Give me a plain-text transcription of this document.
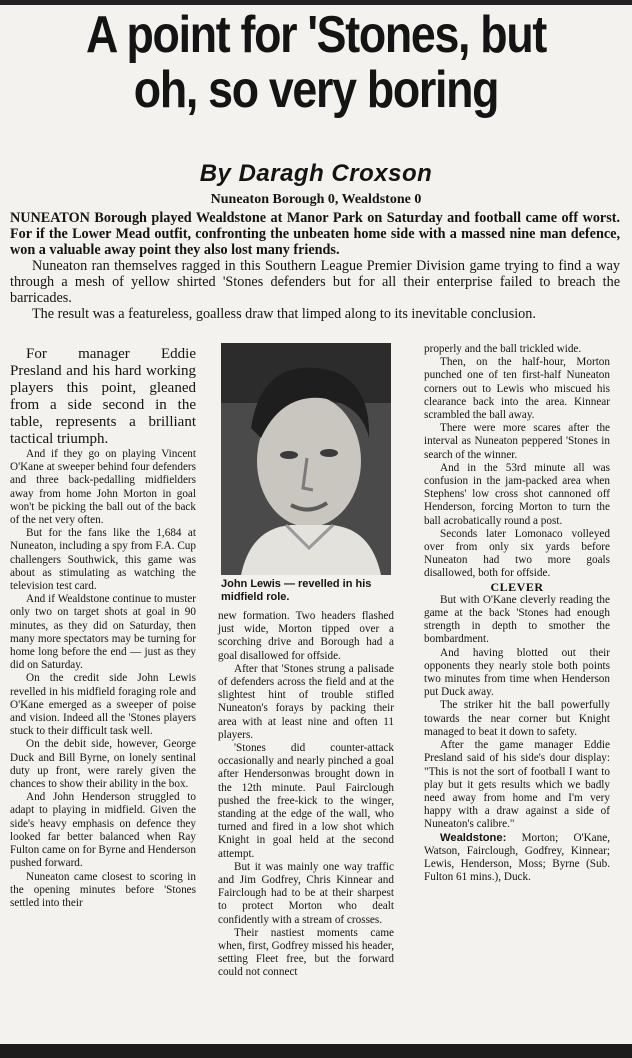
A point for 'Stones, but
oh, so very boring
By Daragh Croxson
Nuneaton Borough 0, Wealdstone 0

NUNEATON Borough played Wealdstone at Manor Park on Saturday and football came off worst. For if the Lower Mead outfit, confronting the unbeaten home side with a massed nine man defence, won a valuable away point they also lost many friends.

Nuneaton ran themselves ragged in this Southern League Premier Division game trying to find a way through a mesh of yellow shirted 'Stones defenders but for all their enterprise failed to breach the barricades.

The result was a featureless, goalless draw that limped along to its inevitable conclusion.

For manager Eddie Presland and his hard working players this point, gleaned from a side second in the table, represents a brilliant tactical triumph.

And if they go on playing Vincent O'Kane at sweeper behind four defenders and three back-pedalling midfielders away from home John Morton in goal won't be picking the ball out of the back of the net very often.

But for the fans like the 1,684 at Nuneaton, including a spy from F.A. Cup challengers Southwick, this game was about as stimulating as watching the television test card.

And if Wealdstone continue to muster only two on target shots at goal in 90 minutes, as they did on Saturday, then many more spectators may be turning for home long before the end — just as they did on Saturday.

On the credit side John Lewis revelled in his midfield foraging role and O'Kane emerged as a sweeper of poise and vision. Indeed all the 'Stones players stuck to their difficult task well.

On the debit side, however, George Duck and Bill Byrne, on lonely sentinal duty up front, were rarely given the chances to show their ability in the box.

And John Henderson struggled to adapt to playing in midfield. Given the side's heavy emphasis on defence they looked far better balanced when Ray Fulton came on for Byrne and Henderson pushed forward.

Nuneaton came closest to scoring in the opening minutes before 'Stones settled into their

John Lewis — revelled in his midfield role.

new formation. Two headers flashed just wide, Morton tipped over a scorching drive and Borough had a goal disallowed for offside.

After that 'Stones strung a palisade of defenders across the field and at the slightest hint of trouble stifled Nuneaton's forays by packing their area with at least nine and often 11 players.

'Stones did counter-attack occasionally and nearly pinched a goal after Hendersonwas brought down in the 12th minute. Paul Fairclough pushed the free-kick to the winger, standing at the edge of the wall, who turned and fired in a low shot which Knight in goal held at the second attempt.

But it was mainly one way traffic and Jim Godfrey, Chris Kinnear and Fairclough had to be at their sharpest to protect Morton who dealt confidently with a stream of crosses.

Their nastiest moments came when, first, Godfrey missed his header, setting Fleet free, but the forward could not connect

properly and the ball trickled wide.

Then, on the half-hour, Morton punched one of ten first-half Nuneaton corners out to Lewis who miscued his clearance back into the area. Kinnear scrambled the ball away.

There were more scares after the interval as Nuneaton peppered 'Stones in search of the winner.

And in the 53rd minute all was confusion in the jam-packed area when Stephens' low cross shot cannoned off Henderson, forcing Morton to turn the ball acrobatically round a post.

Seconds later Lomonaco volleyed over from only six yards before Nuneaton had two more goals disallowed, both for offside.

CLEVER

But with O'Kane cleverly reading the game at the back 'Stones had enough strength in depth to smother the bombardment.

And having blotted out their opponents they nearly stole both points two minutes from time when Henderson put Duck away.

The striker hit the ball powerfully towards the near corner but Knight managed to beat it down to safety.

After the game manager Eddie Presland said of his side's dour display: "This is not the sort of football I want to play but it gets results which we badly need away from home and I'm very happy with a draw against a side of Nuneaton's calibre."

Wealdstone: Morton; O'Kane, Watson, Fairclough, Godfrey, Kinnear; Lewis, Henderson, Moss; Byrne (Sub. Fulton 61 mins.), Duck.
